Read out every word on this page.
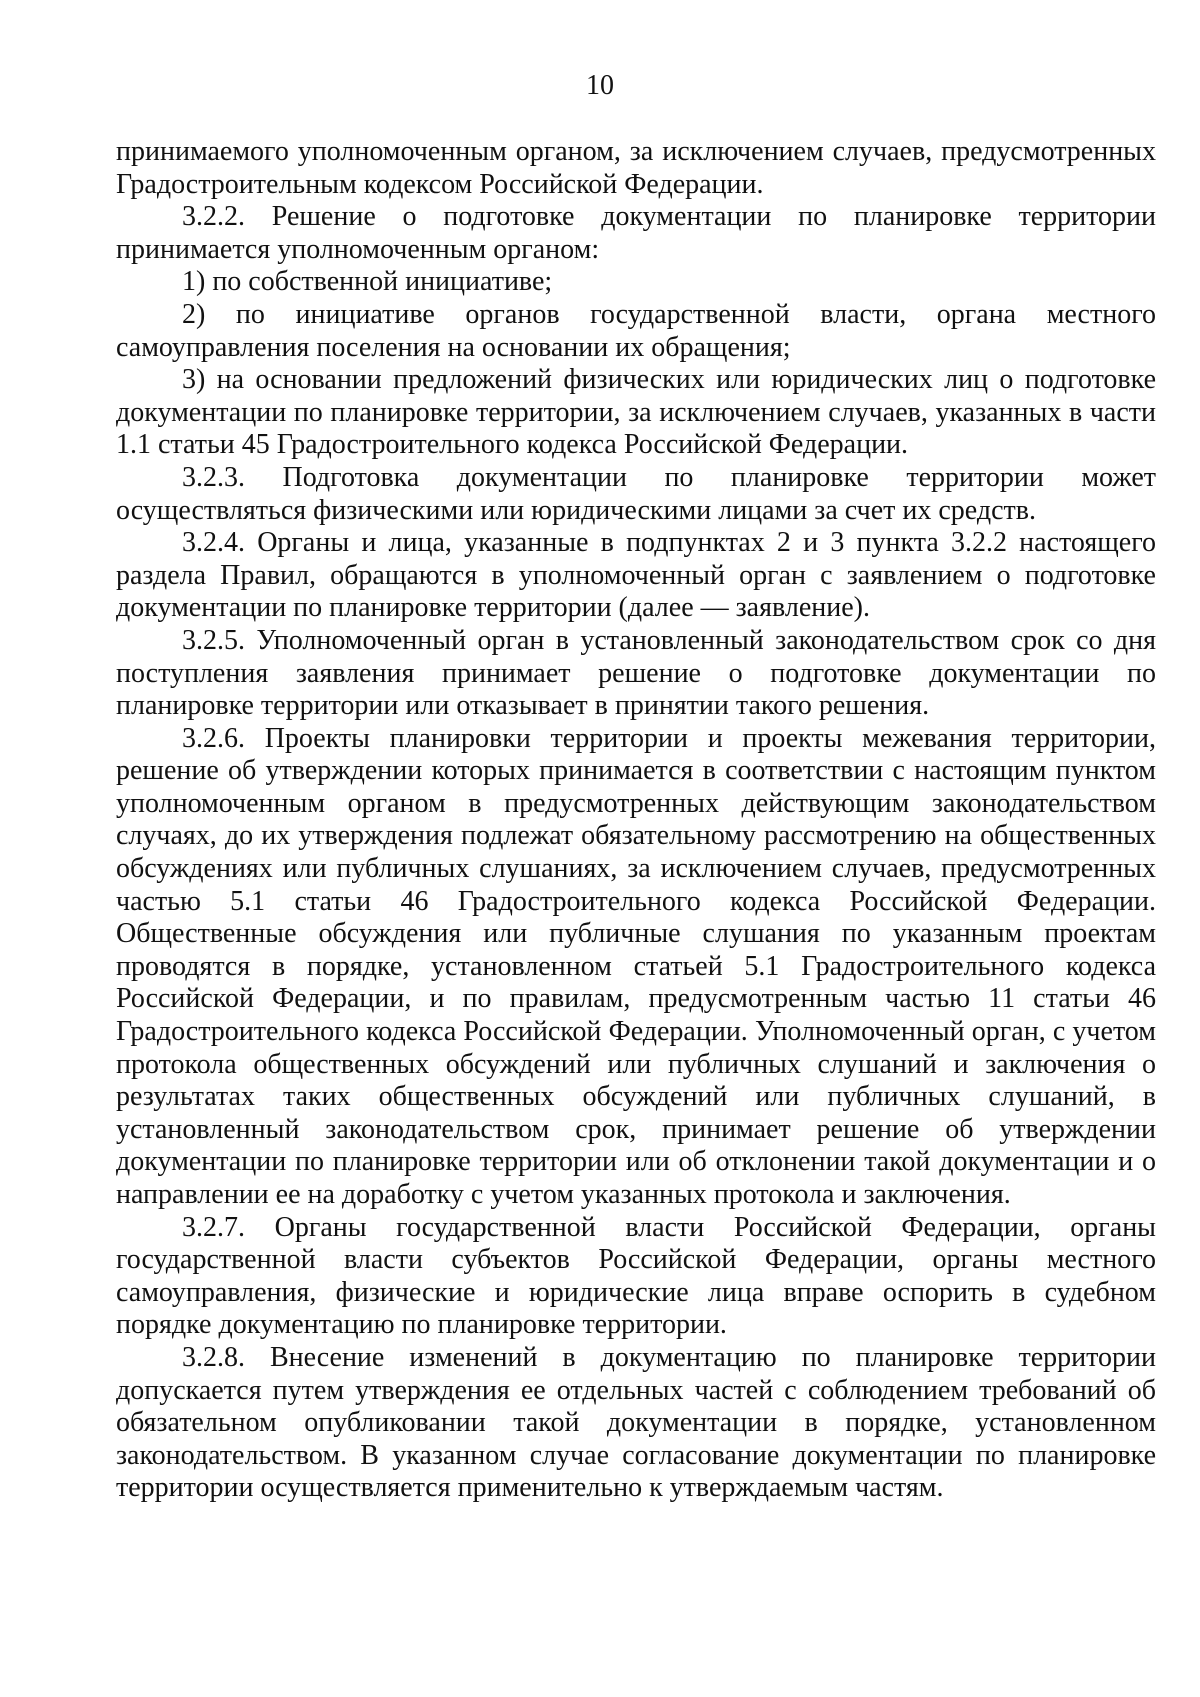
10

принимаемого уполномоченным органом, за исключением случаев, предусмотренных Градостроительным кодексом Российской Федерации.

3.2.2. Решение о подготовке документации по планировке территории принимается уполномоченным органом:

1) по собственной инициативе;

2) по инициативе органов государственной власти, органа местного самоуправления поселения на основании их обращения;

3) на основании предложений физических или юридических лиц о подготовке документации по планировке территории, за исключением случаев, указанных в части 1.1 статьи 45 Градостроительного кодекса Российской Федерации.

3.2.3. Подготовка документации по планировке территории может осуществляться физическими или юридическими лицами за счет их средств.

3.2.4. Органы и лица, указанные в подпунктах 2 и 3 пункта 3.2.2 настоящего раздела Правил, обращаются в уполномоченный орган с заявлением о подготовке документации по планировке территории (далее — заявление).

3.2.5. Уполномоченный орган в установленный законодательством срок со дня поступления заявления принимает решение о подготовке документации по планировке территории или отказывает в принятии такого решения.

3.2.6. Проекты планировки территории и проекты межевания территории, решение об утверждении которых принимается в соответствии с настоящим пунктом уполномоченным органом в предусмотренных действующим законодательством случаях, до их утверждения подлежат обязательному рассмотрению на общественных обсуждениях или публичных слушаниях, за исключением случаев, предусмотренных частью 5.1 статьи 46 Градостроительного кодекса Российской Федерации. Общественные обсуждения или публичные слушания по указанным проектам проводятся в порядке, установленном статьей 5.1 Градостроительного кодекса Российской Федерации, и по правилам, предусмотренным частью 11 статьи 46 Градостроительного кодекса Российской Федерации. Уполномоченный орган, с учетом протокола общественных обсуждений или публичных слушаний и заключения о результатах таких общественных обсуждений или публичных слушаний, в установленный законодательством срок, принимает решение об утверждении документации по планировке территории или об отклонении такой документации и о направлении ее на доработку с учетом указанных протокола и заключения.

3.2.7. Органы государственной власти Российской Федерации, органы государственной власти субъектов Российской Федерации, органы местного самоуправления, физические и юридические лица вправе оспорить в судебном порядке документацию по планировке территории.

3.2.8. Внесение изменений в документацию по планировке территории допускается путем утверждения ее отдельных частей с соблюдением требований об обязательном опубликовании такой документации в порядке, установленном законодательством. В указанном случае согласование документации по планировке территории осуществляется применительно к утверждаемым частям.
